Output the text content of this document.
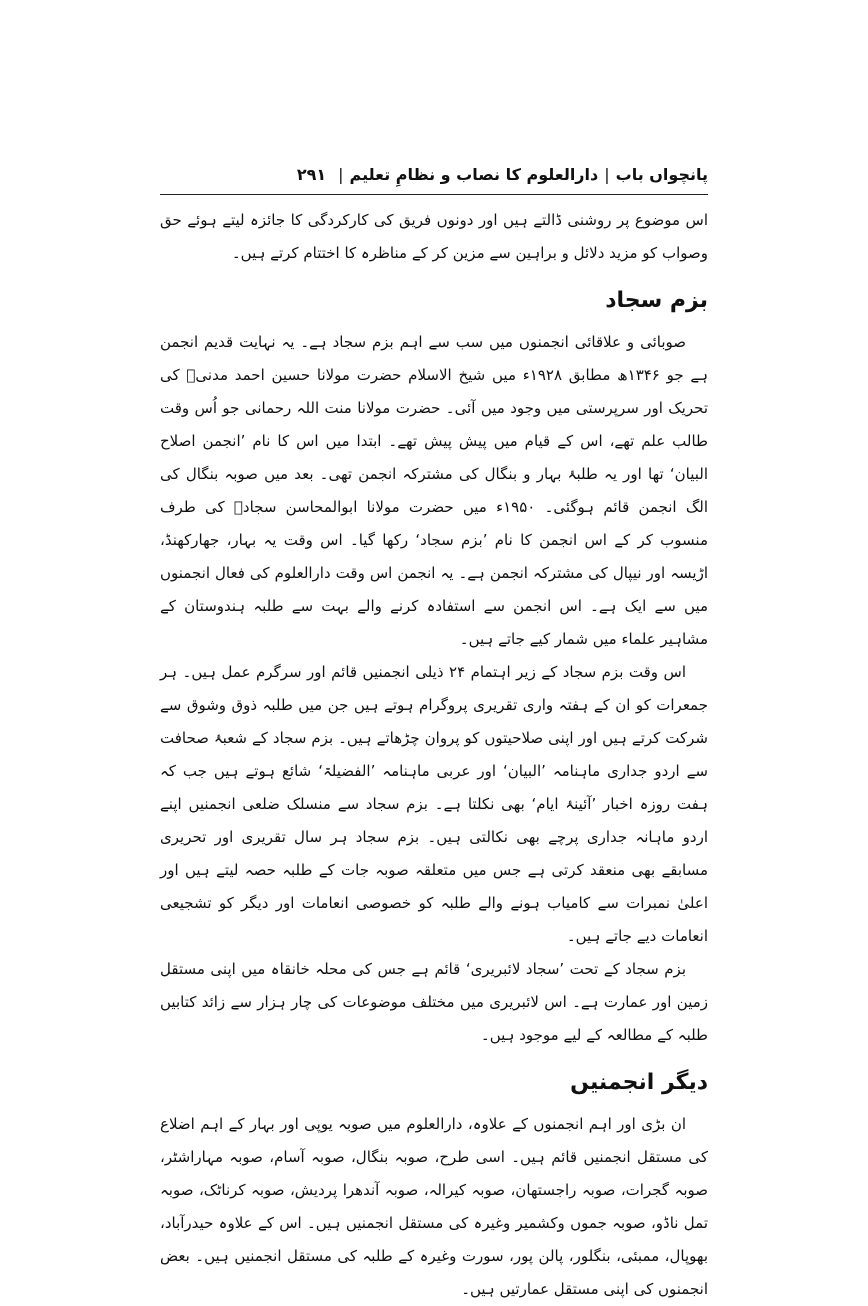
پانچواں باب
|
دارالعلوم کا نصاب و نظامِ تعلیم
|
۲۹۱

اس موضوع پر روشنی ڈالتے ہیں اور دونوں فریق کی کارکردگی کا جائزہ لیتے ہوئے حق وصواب کو مزید دلائل و براہین سے مزین کر کے مناظرہ کا اختتام کرتے ہیں۔

بزم سجاد

صوبائی و علاقائی انجمنوں میں سب سے اہم بزم سجاد ہے۔ یہ نہایت قدیم انجمن ہے جو ۱۳۴۶ھ مطابق ۱۹۲۸ء میں شیخ الاسلام حضرت مولانا حسین احمد مدنیؒ کی تحریک اور سرپرستی میں وجود میں آئی۔ حضرت مولانا منت اللہ رحمانی جو اُس وقت طالب علم تھے، اس کے قیام میں پیش پیش تھے۔ ابتدا میں اس کا نام ’انجمن اصلاح البیان‘ تھا اور یہ طلبۂ بہار و بنگال کی مشترکہ انجمن تھی۔ بعد میں صوبہ بنگال کی الگ انجمن قائم ہوگئی۔ ۱۹۵۰ء میں حضرت مولانا ابوالمحاسن سجادؒ کی طرف منسوب کر کے اس انجمن کا نام ’بزم سجاد‘ رکھا گیا۔ اس وقت یہ بہار، جھارکھنڈ، اڑیسہ اور نیپال کی مشترکہ انجمن ہے۔ یہ انجمن اس وقت دارالعلوم کی فعال انجمنوں میں سے ایک ہے۔ اس انجمن سے استفادہ کرنے والے بہت سے طلبہ ہندوستان کے مشاہیر علماء میں شمار کیے جاتے ہیں۔

اس وقت بزم سجاد کے زیر اہتمام ۲۴ ذیلی انجمنیں قائم اور سرگرم عمل ہیں۔ ہر جمعرات کو ان کے ہفتہ واری تقریری پروگرام ہوتے ہیں جن میں طلبہ ذوق وشوق سے شرکت کرتے ہیں اور اپنی صلاحیتوں کو پروان چڑھاتے ہیں۔ بزم سجاد کے شعبۂ صحافت سے اردو جداری ماہنامہ ’البیان‘ اور عربی ماہنامہ ’الفضیلۃ‘ شائع ہوتے ہیں جب کہ ہفت روزہ اخبار ’آئینۂ ایام‘ بھی نکلتا ہے۔ بزم سجاد سے منسلک ضلعی انجمنیں اپنے اردو ماہانہ جداری پرچے بھی نکالتی ہیں۔ بزم سجاد ہر سال تقریری اور تحریری مسابقے بھی منعقد کرتی ہے جس میں متعلقہ صوبہ جات کے طلبہ حصہ لیتے ہیں اور اعلیٰ نمبرات سے کامیاب ہونے والے طلبہ کو خصوصی انعامات اور دیگر کو تشجیعی انعامات دیے جاتے ہیں۔

بزم سجاد کے تحت ’سجاد لائبریری‘ قائم ہے جس کی محلہ خانقاہ میں اپنی مستقل زمین اور عمارت ہے۔ اس لائبریری میں مختلف موضوعات کی چار ہزار سے زائد کتابیں طلبہ کے مطالعہ کے لیے موجود ہیں۔

دیگر انجمنیں

ان بڑی اور اہم انجمنوں کے علاوہ، دارالعلوم میں صوبہ یوپی اور بہار کے اہم اضلاع کی مستقل انجمنیں قائم ہیں۔ اسی طرح، صوبہ بنگال، صوبہ آسام، صوبہ مہاراشٹر، صوبہ گجرات، صوبہ راجستھان، صوبہ کیرالہ، صوبہ آندھرا پردیش، صوبہ کرناٹک، صوبہ تمل ناڈو، صوبہ جموں وکشمیر وغیرہ کی مستقل انجمنیں ہیں۔ اس کے علاوہ حیدرآباد، بھوپال، ممبئی، بنگلور، پالن پور، سورت وغیرہ کے طلبہ کی مستقل انجمنیں ہیں۔ بعض انجمنوں کی اپنی مستقل عمارتیں ہیں۔
